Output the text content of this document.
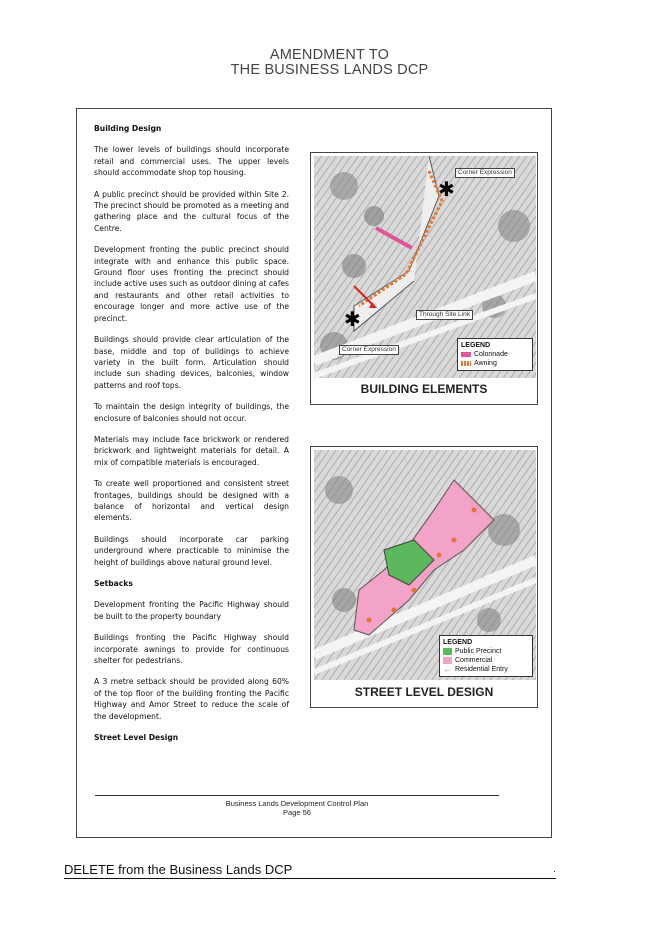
AMENDMENT TO
THE BUSINESS LANDS DCP

Building Design

The lower levels of buildings should incorporate retail and commercial uses. The upper levels should accommodate shop top housing.

A public precinct should be provided within Site 2. The precinct should be promoted as a meeting and gathering place and the cultural focus of the Centre.

Development fronting the public precinct should integrate with and enhance this public space. Ground floor uses fronting the precinct should include active uses such as outdoor dining at cafes and restaurants and other retail activities to encourage longer and more active use of the precinct.

Buildings should provide clear articulation of the base, middle and top of buildings to achieve variety in the built form. Articulation should include sun shading devices, balconies, window patterns and roof tops.

To maintain the design integrity of buildings, the enclosure of balconies should not occur.

Materials may include face brickwork or rendered brickwork and lightweight materials for detail. A mix of compatible materials is encouraged.

To create well proportioned and consistent street frontages, buildings should be designed with a balance of horizontal and vertical design elements.

Buildings should incorporate car parking underground where practicable to minimise the height of buildings above natural ground level.

Setbacks

Development fronting the Pacific Highway should be built to the property boundary

Buildings fronting the Pacific Highway should incorporate awnings to provide for continuous shelter for pedestrians.

A 3 metre setback should be provided along 60% of the top floor of the building fronting the Pacific Highway and Amor Street to reduce the scale of the development.

Street Level Design

✱
✱
Corner Expression
Through Site Link
Corner Expression
LEGEND
Colonnade
Awning
BUILDING ELEMENTS
LEGEND
Public Precinct
Commercial
← Residential Entry
STREET LEVEL DESIGN
Business Lands Development Control Plan
Page 56
DELETE from the Business Lands DCP	.
